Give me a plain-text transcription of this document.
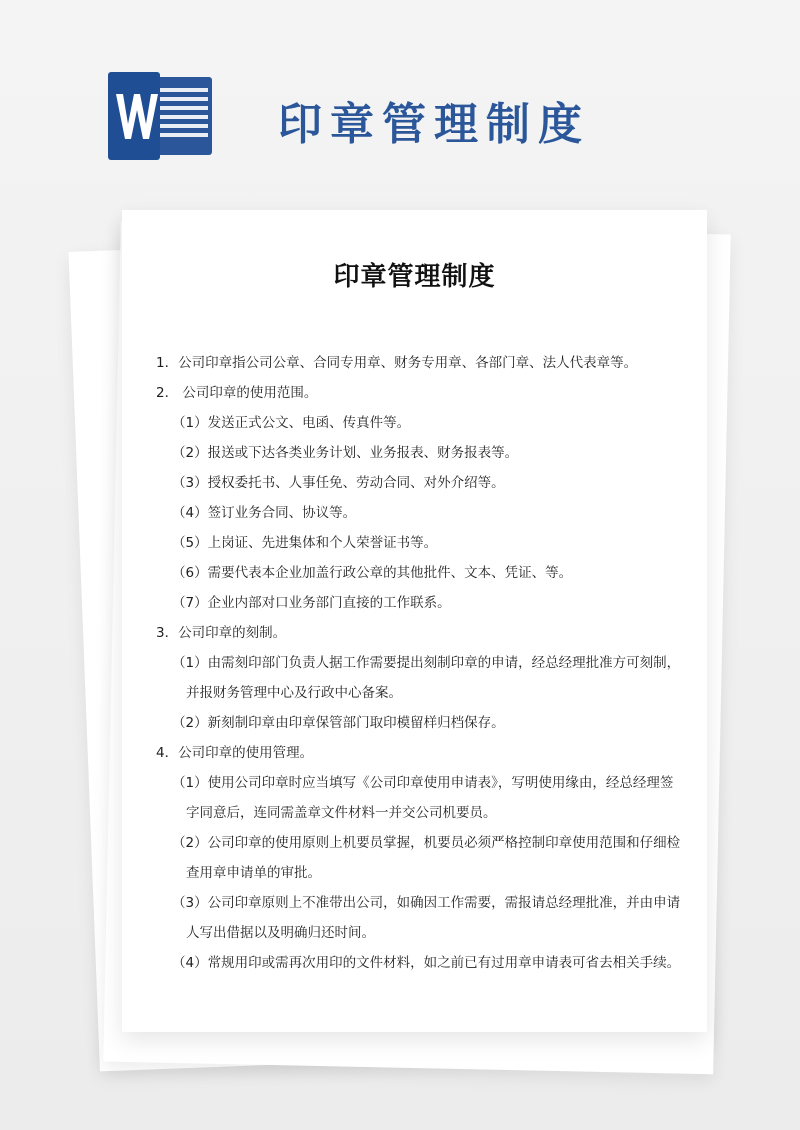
印章管理制度
印章管理制度
1．公司印章指公司公章、合同专用章、财务专用章、各部门章、法人代表章等。
2． 公司印章的使用范围。
（1）发送正式公文、电函、传真件等。
（2）报送或下达各类业务计划、业务报表、财务报表等。
（3）授权委托书、人事任免、劳动合同、对外介绍等。
（4）签订业务合同、协议等。
（5）上岗证、先进集体和个人荣誉证书等。
（6）需要代表本企业加盖行政公章的其他批件、文本、凭证、等。
（7）企业内部对口业务部门直接的工作联系。
3．公司印章的刻制。
（1）由需刻印部门负责人据工作需要提出刻制印章的申请，经总经理批准方可刻制，
并报财务管理中心及行政中心备案。
（2）新刻制印章由印章保管部门取印模留样归档保存。
4．公司印章的使用管理。
（1）使用公司印章时应当填写《公司印章使用申请表》，写明使用缘由，经总经理签
字同意后，连同需盖章文件材料一并交公司机要员。
（2）公司印章的使用原则上机要员掌握，机要员必须严格控制印章使用范围和仔细检
查用章申请单的审批。
（3）公司印章原则上不准带出公司，如确因工作需要，需报请总经理批准，并由申请
人写出借据以及明确归还时间。
（4）常规用印或需再次用印的文件材料，如之前已有过用章申请表可省去相关手续。
